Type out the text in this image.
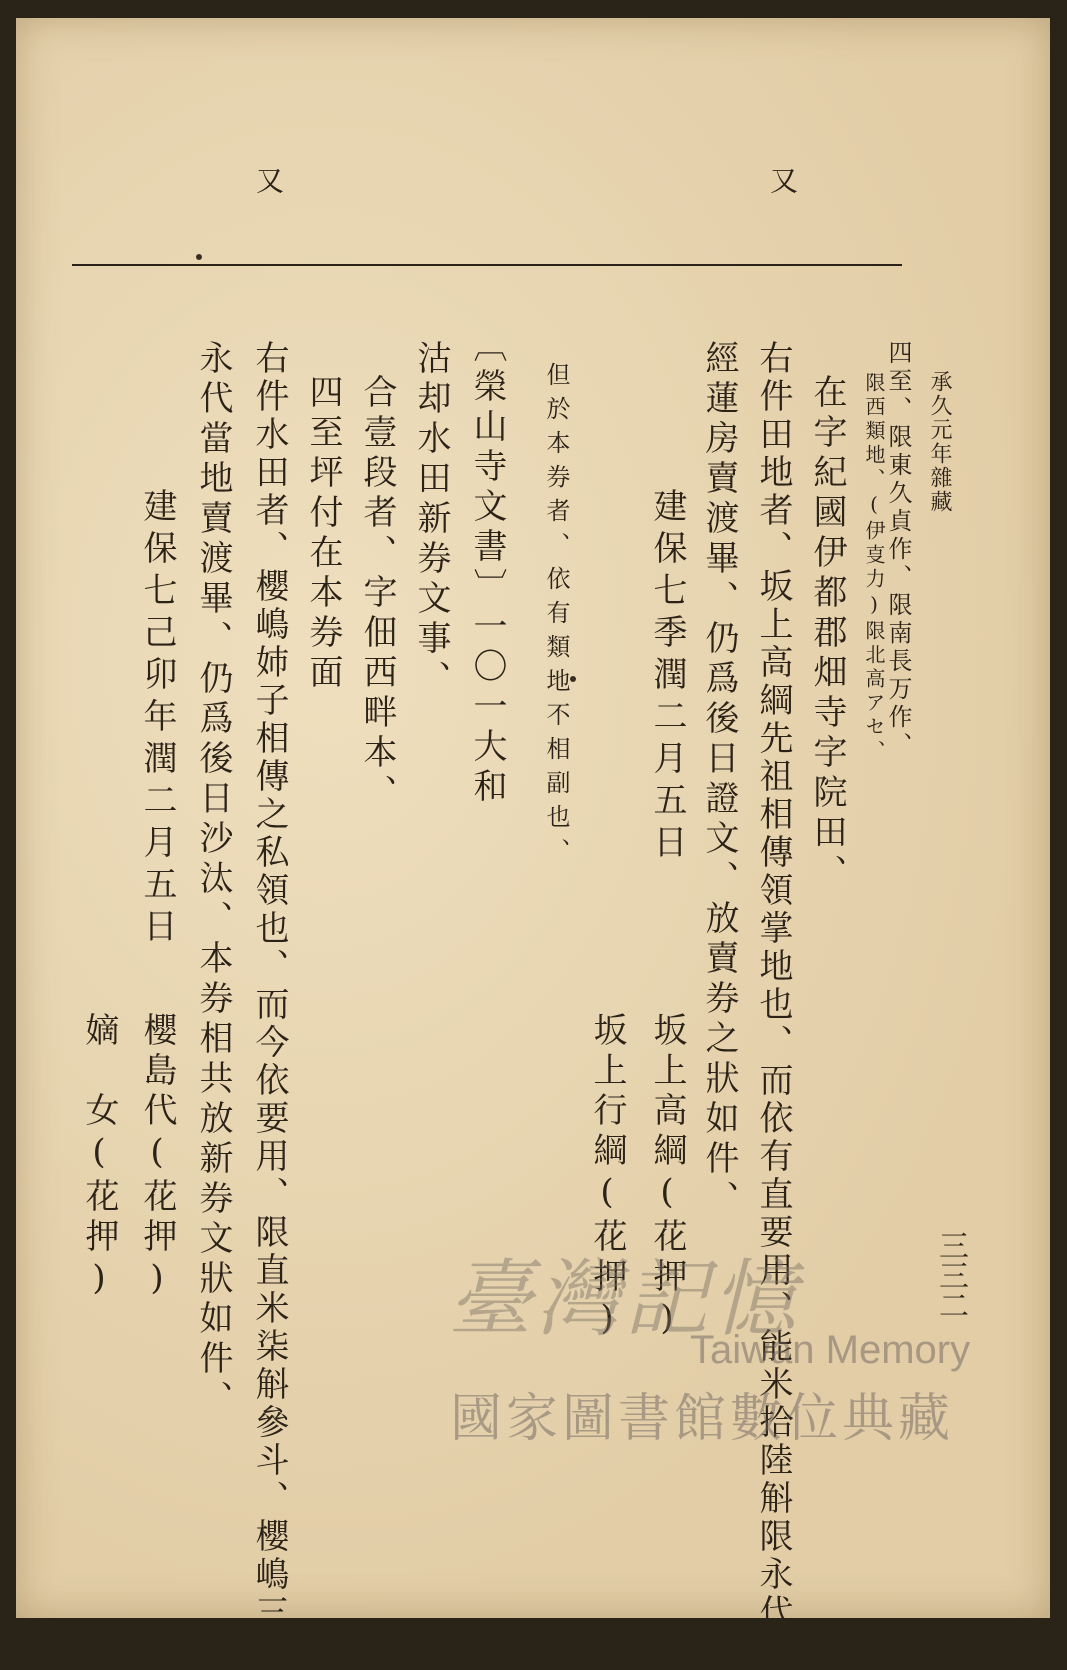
又
又
承久元年雜藏
四至、限東久貞作、限南長万作、
限西類地、(伊㕝力)限北高アセ、
在字紀國伊都郡畑寺字院田、
右件田地者、坂上高綱先祖相傳領掌地也、而依有直要用、能米拾陸斛限永代
經蓮房賣渡畢、仍爲後日證文、放賣券之狀如件、
建保七季潤二月五日
坂上高綱(花押)
坂上行綱(花押)
但於本券者、依有類地不相副也、
〔榮山寺文書〕一〇一大和
沽却水田新券文事、
合壹段者、字佃西畔本、
四至坪付在本券面
右件水田者、櫻嶋姉子相傳之私領也、而今依要用、限直米柒斛參斗、櫻嶋三子
永代當地賣渡畢、仍爲後日沙汰、本券相共放新券文狀如件、
建保七己卯年潤二月五日
櫻島代(花押)
嫡　女(花押)	三三二
臺灣記憶
Taiwan Memory
國家圖書館數位典藏
